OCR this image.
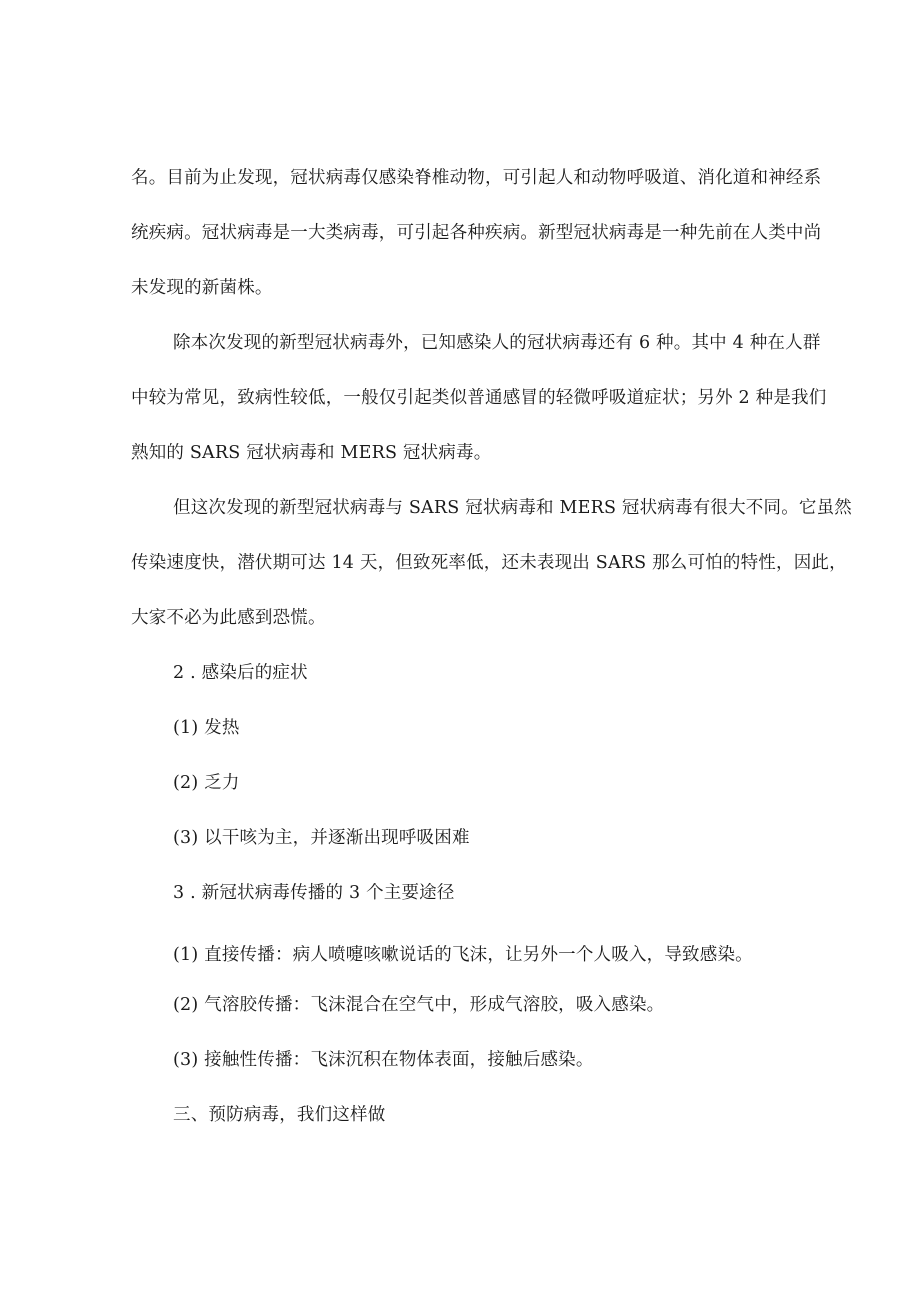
名。目前为止发现，冠状病毒仅感染脊椎动物，可引起人和动物呼吸道、消化道和神经系
统疾病。冠状病毒是一大类病毒，可引起各种疾病。新型冠状病毒是一种先前在人类中尚
未发现的新菌株。
除本次发现的新型冠状病毒外，已知感染人的冠状病毒还有 6 种。其中 4 种在人群
中较为常见，致病性较低，一般仅引起类似普通感冒的轻微呼吸道症状；另外 2 种是我们
熟知的 SARS 冠状病毒和 MERS 冠状病毒。
但这次发现的新型冠状病毒与 SARS 冠状病毒和 MERS 冠状病毒有很大不同。它虽然
传染速度快，潜伏期可达 14 天，但致死率低，还未表现出 SARS 那么可怕的特性，因此，
大家不必为此感到恐慌。
2 . 感染后的症状
(1) 发热
(2) 乏力
(3) 以干咳为主，并逐渐出现呼吸困难
3 . 新冠状病毒传播的 3 个主要途径
(1) 直接传播：病人喷嚏咳嗽说话的飞沫，让另外一个人吸入，导致感染。
(2) 气溶胶传播：飞沫混合在空气中，形成气溶胶，吸入感染。
(3) 接触性传播：飞沫沉积在物体表面，接触后感染。
三、预防病毒，我们这样做
